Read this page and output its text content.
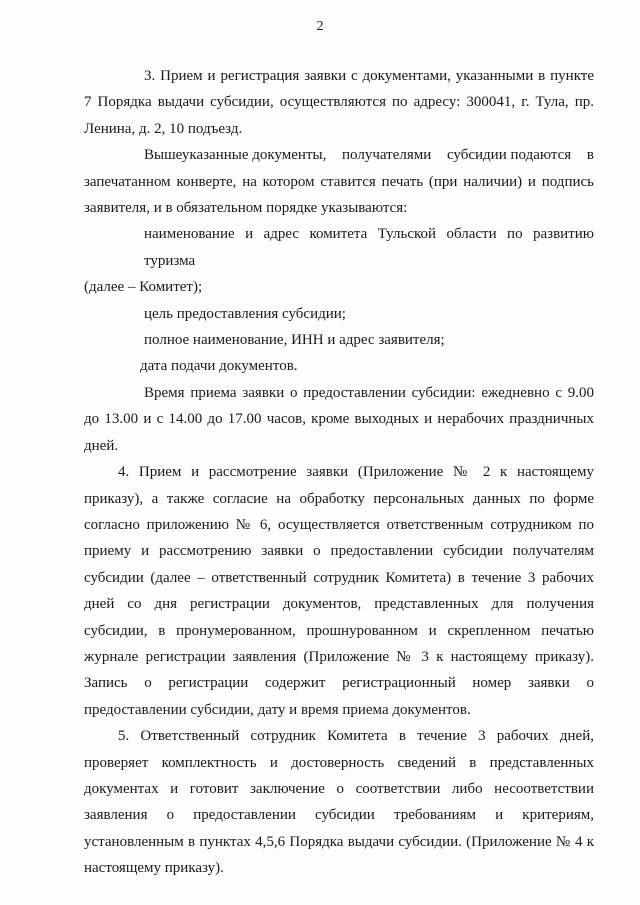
2

3. Прием и регистрация заявки с документами, указанными в пункте 7 Порядка выдачи субсидии, осуществляются по адресу: 300041, г. Тула, пр. Ленина, д. 2, 10 подъезд.

Вышеуказанные документы, получателями субсидии подаются в

запечатанном конверте, на котором ставится печать (при наличии) и подпись заявителя, и в обязательном порядке указываются:

наименование и адрес комитета Тульской области по развитию туризма

(далее – Комитет);

цель предоставления субсидии;

полное наименование, ИНН и адрес заявителя;

дата подачи документов.

Время приема заявки о предоставлении субсидии: ежедневно с 9.00 до 13.00 и с 14.00 до 17.00 часов, кроме выходных и нерабочих праздничных дней.

4. Прием и рассмотрение заявки (Приложение № 2 к настоящему приказу), а также согласие на обработку персональных данных по форме согласно приложению № 6, осуществляется ответственным сотрудником по приему и рассмотрению заявки о предоставлении субсидии получателям субсидии (далее – ответственный сотрудник Комитета) в течение 3 рабочих дней со дня регистрации документов, представленных для получения субсидии, в пронумерованном, прошнурованном и скрепленном печатью журнале регистрации заявления (Приложение № 3 к настоящему приказу). Запись о регистрации содержит регистрационный номер заявки о предоставлении субсидии, дату и время приема документов.

5. Ответственный сотрудник Комитета в течение 3 рабочих дней, проверяет комплектность и достоверность сведений в представленных документах и готовит заключение о соответствии либо несоответствии заявления о предоставлении субсидии требованиям и критериям, установленным в пунктах 4,5,6 Порядка выдачи субсидии. (Приложение № 4 к настоящему приказу).
